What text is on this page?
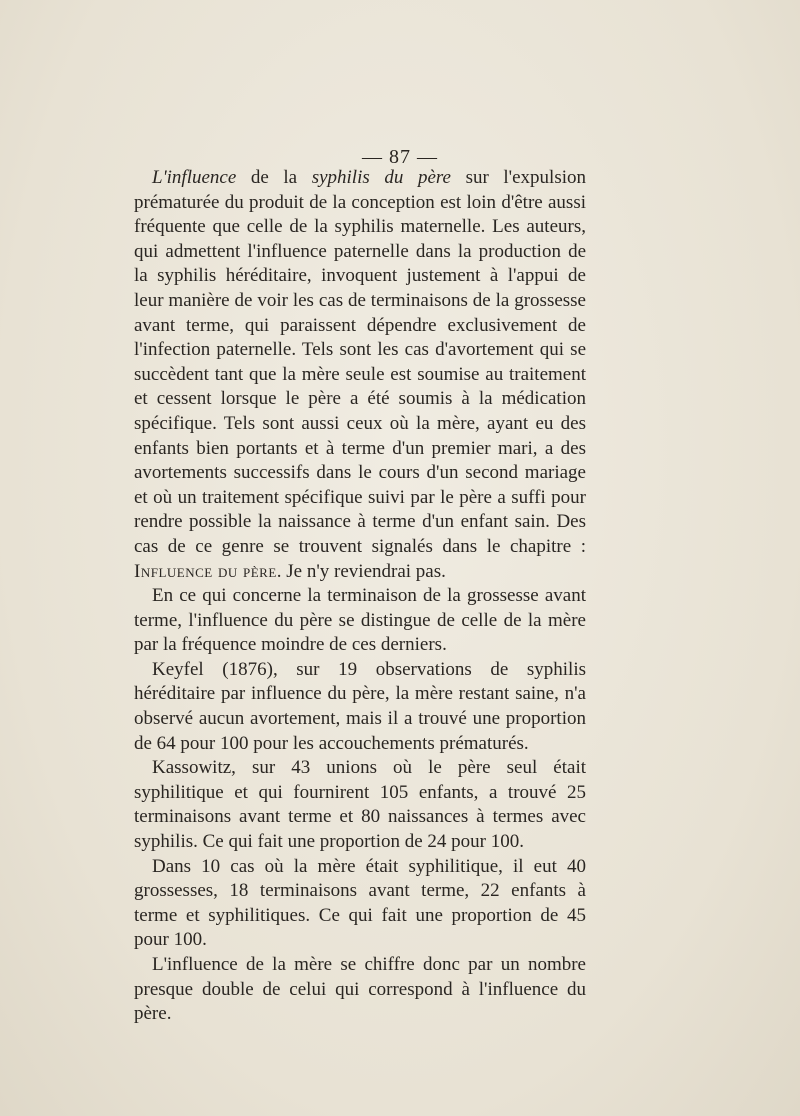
— 87 —

L'influence de la syphilis du père sur l'expulsion prématurée du produit de la conception est loin d'être aussi fréquente que celle de la syphilis maternelle. Les auteurs, qui admettent l'influence paternelle dans la production de la syphilis héréditaire, invoquent justement à l'appui de leur manière de voir les cas de terminaisons de la grossesse avant terme, qui paraissent dépendre exclusivement de l'infection paternelle. Tels sont les cas d'avortement qui se succèdent tant que la mère seule est soumise au traitement et cessent lorsque le père a été soumis à la médication spécifique. Tels sont aussi ceux où la mère, ayant eu des enfants bien portants et à terme d'un premier mari, a des avortements successifs dans le cours d'un second mariage et où un traitement spécifique suivi par le père a suffi pour rendre possible la naissance à terme d'un enfant sain. Des cas de ce genre se trouvent signalés dans le chapitre : Influence du père. Je n'y reviendrai pas.

En ce qui concerne la terminaison de la grossesse avant terme, l'influence du père se distingue de celle de la mère par la fréquence moindre de ces derniers.

Keyfel (1876), sur 19 observations de syphilis héréditaire par influence du père, la mère restant saine, n'a observé aucun avortement, mais il a trouvé une proportion de 64 pour 100 pour les accouchements prématurés.

Kassowitz, sur 43 unions où le père seul était syphilitique et qui fournirent 105 enfants, a trouvé 25 terminaisons avant terme et 80 naissances à termes avec syphilis. Ce qui fait une proportion de 24 pour 100.

Dans 10 cas où la mère était syphilitique, il eut 40 grossesses, 18 terminaisons avant terme, 22 enfants à terme et syphilitiques. Ce qui fait une proportion de 45 pour 100.

L'influence de la mère se chiffre donc par un nombre presque double de celui qui correspond à l'influence du père.
